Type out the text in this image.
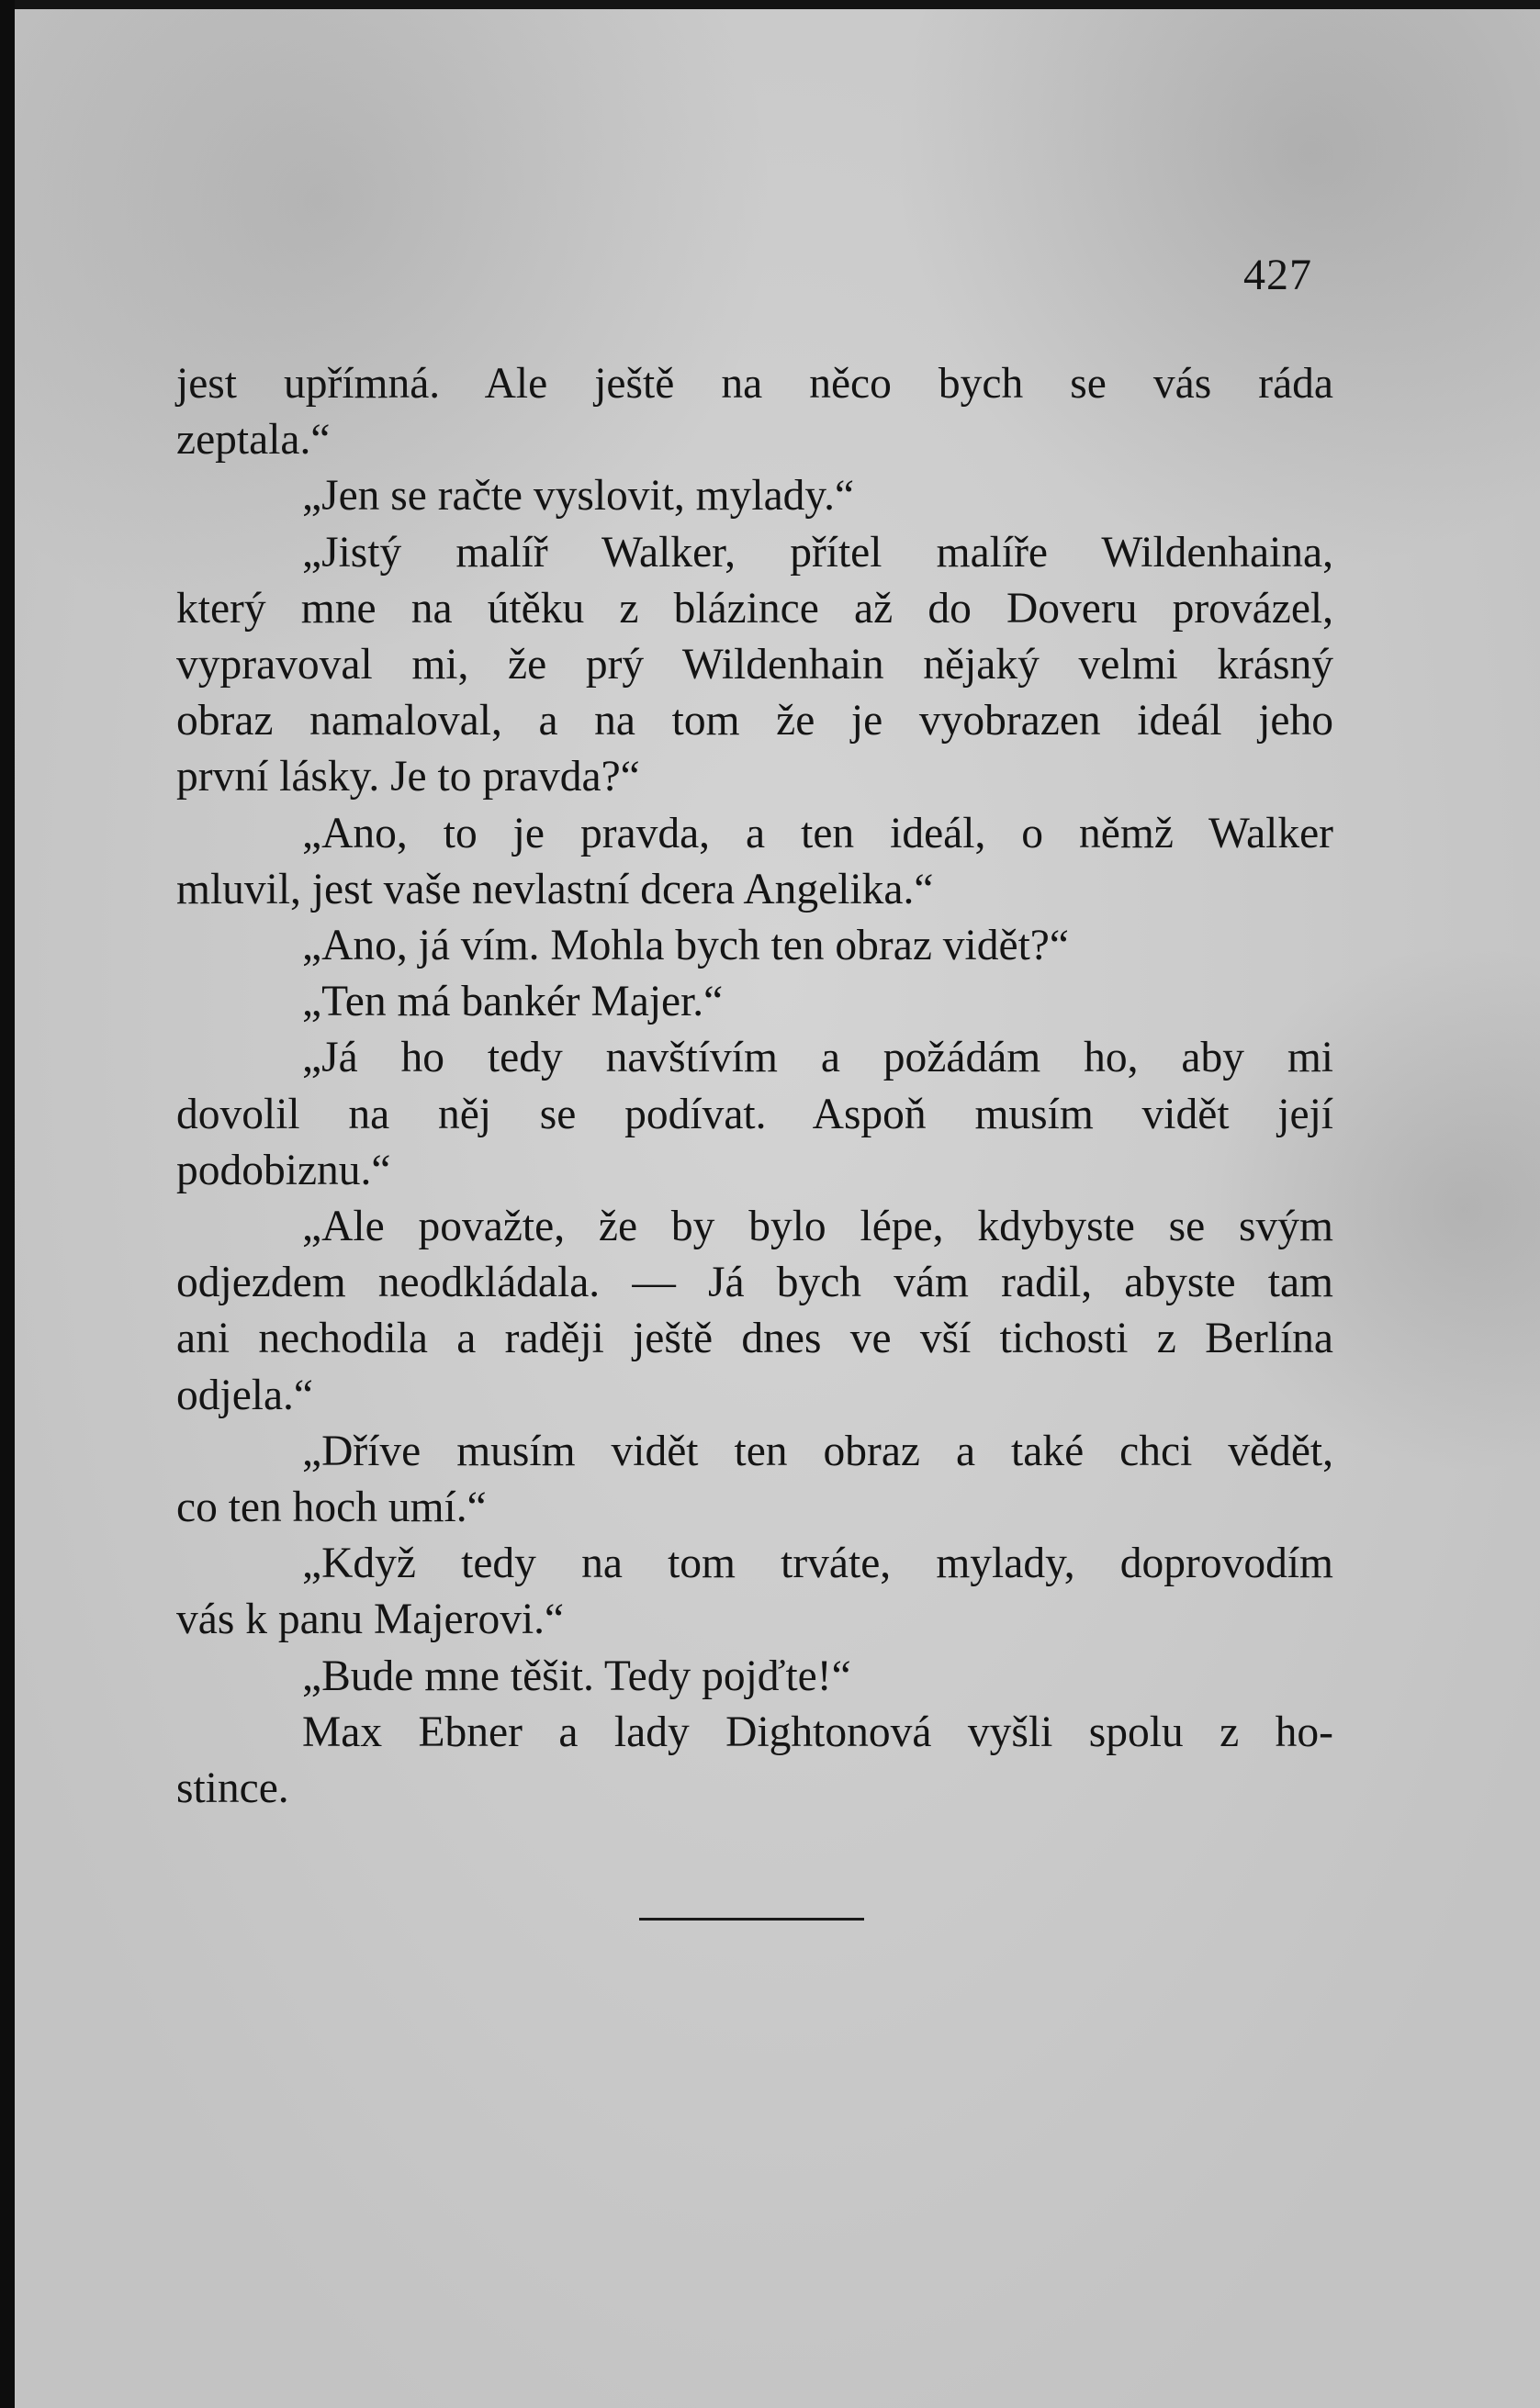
427
jest upřímná. Ale ještě na něco bych se vás ráda
zeptala.“
„Jen se račte vyslovit, mylady.“
„Jistý malíř Walker, přítel malíře Wildenhaina,
který mne na útěku z blázince až do Doveru provázel,
vypravoval mi, že prý Wildenhain nějaký velmi krásný
obraz namaloval, a na tom že je vyobrazen ideál jeho
první lásky. Je to pravda?“
„Ano, to je pravda, a ten ideál, o němž Walker
mluvil, jest vaše nevlastní dcera Angelika.“
„Ano, já vím. Mohla bych ten obraz vidět?“
„Ten má bankér Majer.“
„Já ho tedy navštívím a požádám ho, aby mi
dovolil na něj se podívat. Aspoň musím vidět její
podobiznu.“
„Ale považte, že by bylo lépe, kdybyste se svým
odjezdem neodkládala. — Já bych vám radil, abyste tam
ani nechodila a raději ještě dnes ve vší tichosti z Berlína
odjela.“
„Dříve musím vidět ten obraz a také chci vědět,
co ten hoch umí.“
„Když tedy na tom trváte, mylady, doprovodím
vás k panu Majerovi.“
„Bude mne těšit. Tedy pojďte!“
Max Ebner a lady Dightonová vyšli spolu z ho-
stince.
